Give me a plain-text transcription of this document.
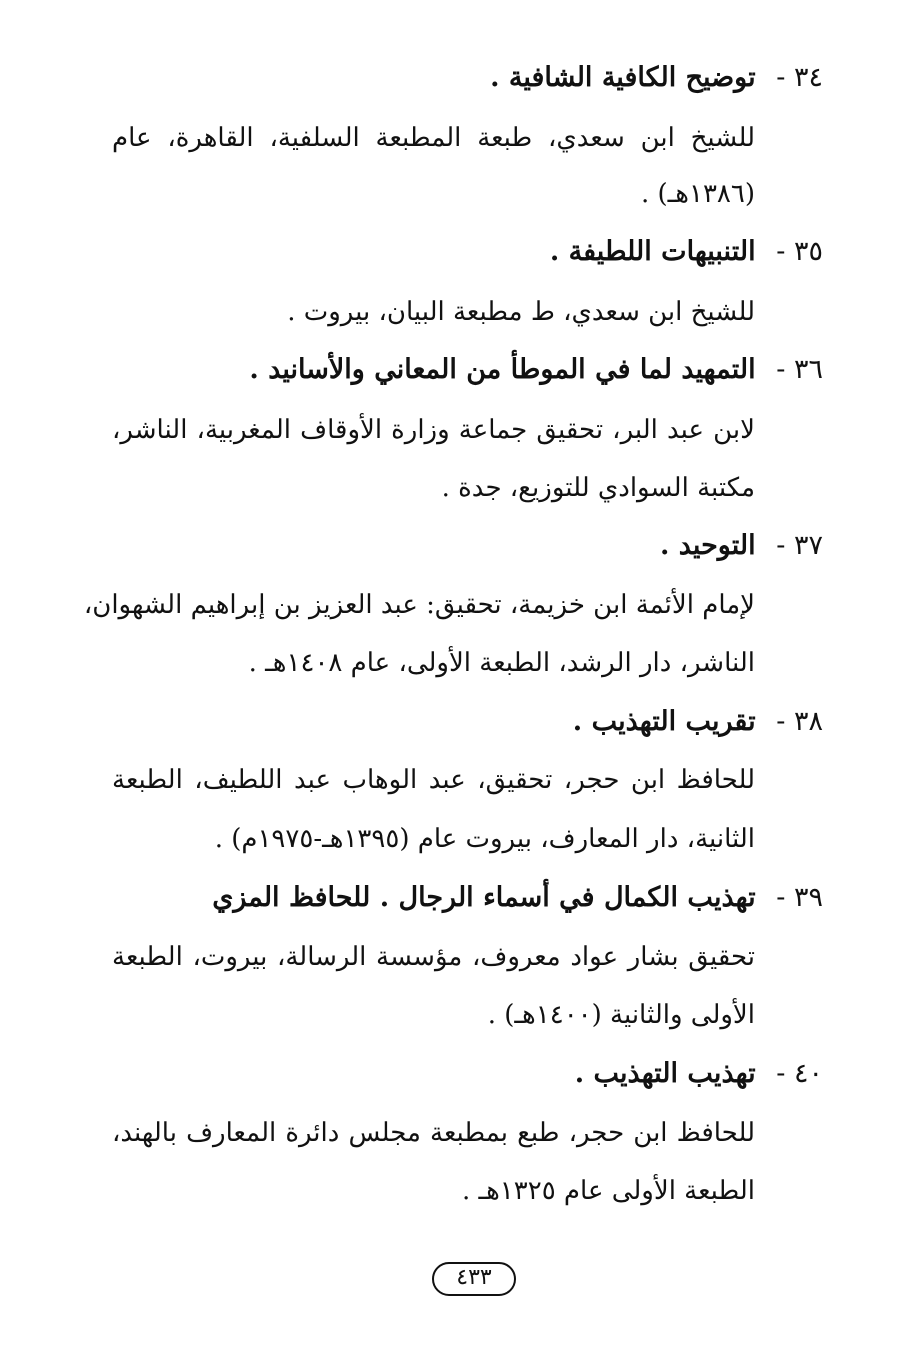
٣٤ - توضيح الكافية الشافية .
للشيخ ابن سعدي، طبعة المطبعة السلفية، القاهرة، عام
(١٣٨٦هـ) .
٣٥ - التنبيهات اللطيفة .
للشيخ ابن سعدي، ط مطبعة البيان، بيروت .
٣٦ - التمهيد لما في الموطأ من المعاني والأسانيد .
لابن عبد البر، تحقيق جماعة وزارة الأوقاف المغربية، الناشر،
مكتبة السوادي للتوزيع، جدة .
٣٧ - التوحيد .
لإمام الأئمة ابن خزيمة، تحقيق: عبد العزيز بن إبراهيم الشهوان،
الناشر، دار الرشد، الطبعة الأولى، عام ١٤٠٨هـ .
٣٨ - تقريب التهذيب .
للحافظ ابن حجر، تحقيق، عبد الوهاب عبد اللطيف، الطبعة
الثانية، دار المعارف، بيروت عام (١٣٩٥هـ-١٩٧٥م) .
٣٩ - تهذيب الكمال في أسماء الرجال . للحافظ المزي
تحقيق بشار عواد معروف، مؤسسة الرسالة، بيروت، الطبعة
الأولى والثانية (١٤٠٠هـ) .
٤٠ - تهذيب التهذيب .
للحافظ ابن حجر، طبع بمطبعة مجلس دائرة المعارف بالهند،
الطبعة الأولى عام ١٣٢٥هـ .
٤٣٣
